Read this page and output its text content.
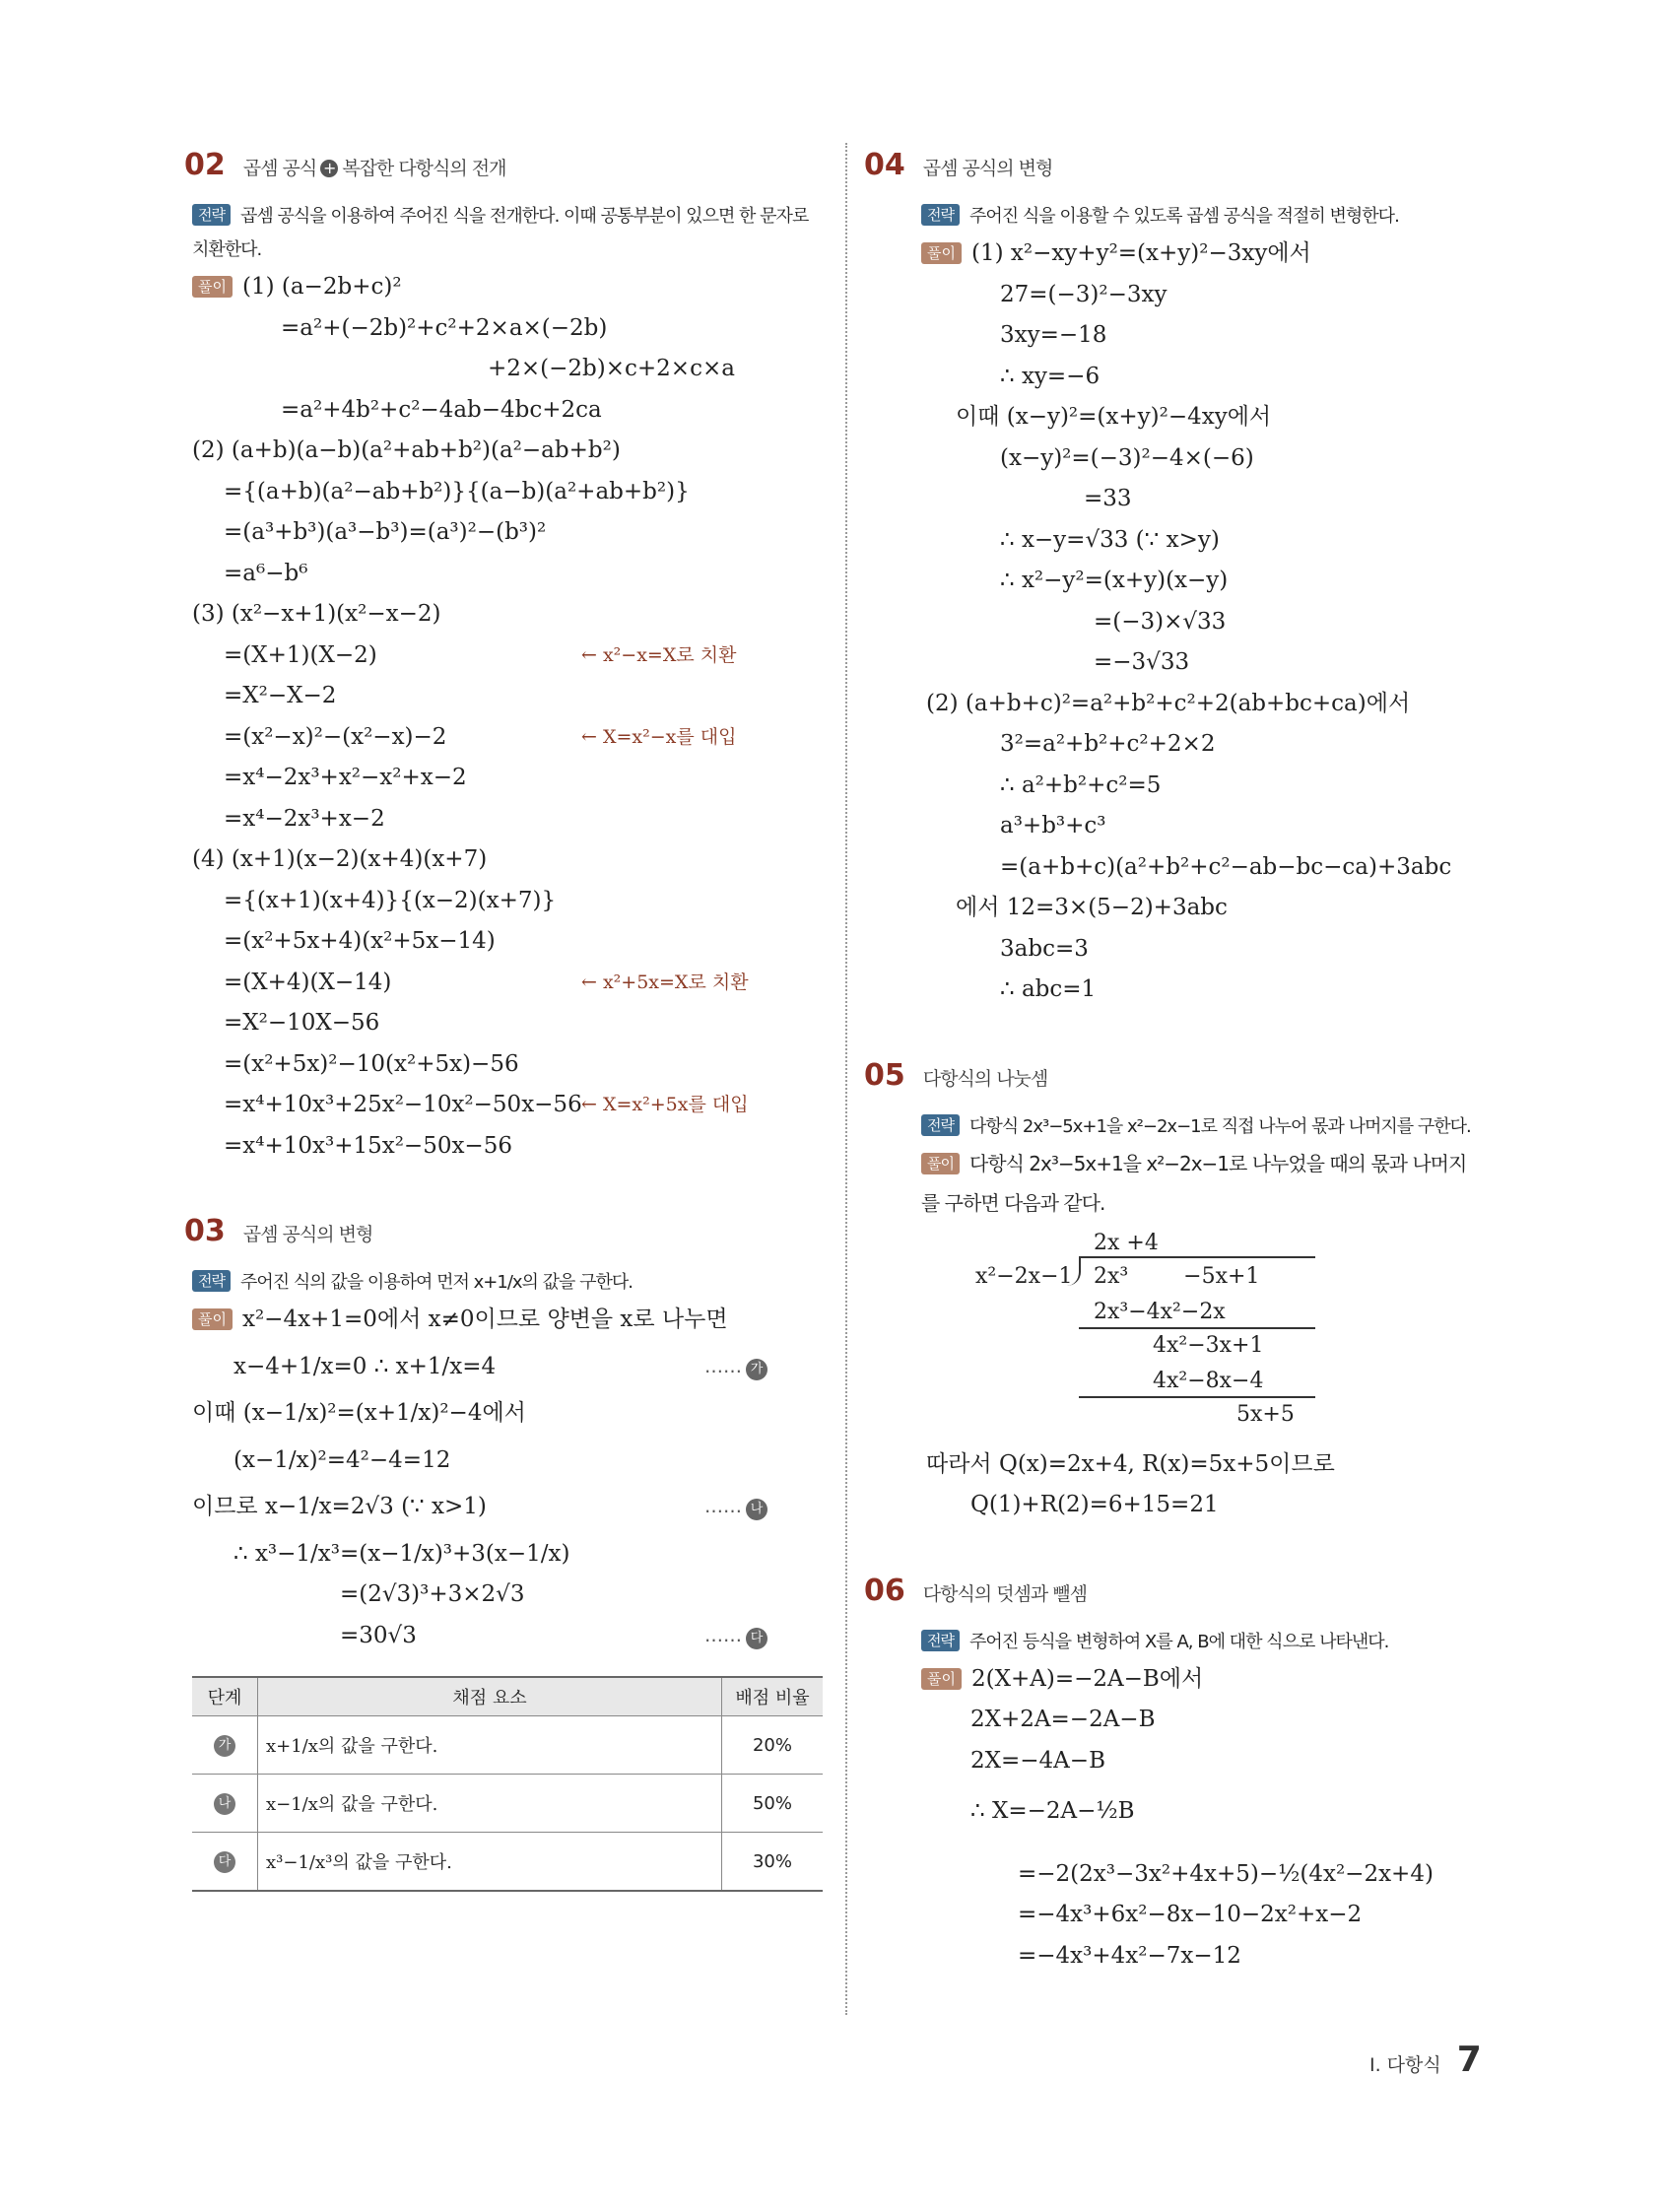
02 곱셈 공식 + 복잡한 다항식의 전개
전략 곱셈 공식을 이용하여 주어진 식을 전개한다. 이때 공통부분이 있으면 한 문자로 치환한다.
풀이 (1) (a−2b+c)²
=a²+(−2b)²+c²+2×a×(−2b)
+2×(−2b)×c+2×c×a
=a²+4b²+c²−4ab−4bc+2ca
(2) (a+b)(a−b)(a²+ab+b²)(a²−ab+b²)
={(a+b)(a²−ab+b²)}{(a−b)(a²+ab+b²)}
=(a³+b³)(a³−b³)=(a³)²−(b³)²
=a⁶−b⁶
(3) (x²−x+1)(x²−x−2)
=(X+1)(X−2)	← x²−x=X로 치환
=X²−X−2
=(x²−x)²−(x²−x)−2	← X=x²−x를 대입
=x⁴−2x³+x²−x²+x−2
=x⁴−2x³+x−2
(4) (x+1)(x−2)(x+4)(x+7)
={(x+1)(x+4)}{(x−2)(x+7)}
=(x²+5x+4)(x²+5x−14)
=(X+4)(X−14)	← x²+5x=X로 치환
=X²−10X−56
=(x²+5x)²−10(x²+5x)−56
=x⁴+10x³+25x²−10x²−50x−56 ← X=x²+5x를 대입
=x⁴+10x³+15x²−50x−56
03 곱셈 공식의 변형
전략 주어진 식의 값을 이용하여 먼저 x+1/x의 값을 구한다.
풀이 x²−4x+1=0에서 x≠0이므로 양변을 x로 나누면
x−4+1/x=0 ∴ x+1/x=4	…… 가
이때 (x−1/x)²=(x+1/x)²−4에서
(x−1/x)²=4²−4=12
이므로 x−1/x=2√3 (∵ x>1)	…… 나
∴ x³−1/x³=(x−1/x)³+3(x−1/x)
=(2√3)³+3×2√3
=30√3	…… 다
단계	채점 요소	배점 비율
가	x+1/x의 값을 구한다.	20%
나	x−1/x의 값을 구한다.	50%
다	x³−1/x³의 값을 구한다.	30%
04 곱셈 공식의 변형
전략 주어진 식을 이용할 수 있도록 곱셈 공식을 적절히 변형한다.
풀이 (1) x²−xy+y²=(x+y)²−3xy에서
27=(−3)²−3xy
3xy=−18
∴ xy=−6
이때 (x−y)²=(x+y)²−4xy에서
(x−y)²=(−3)²−4×(−6)
=33
∴ x−y=√33 (∵ x>y)
∴ x²−y²=(x+y)(x−y)
=(−3)×√33
=−3√33
(2) (a+b+c)²=a²+b²+c²+2(ab+bc+ca)에서
3²=a²+b²+c²+2×2
∴ a²+b²+c²=5
a³+b³+c³
=(a+b+c)(a²+b²+c²−ab−bc−ca)+3abc
에서 12=3×(5−2)+3abc
3abc=3
∴ abc=1
05 다항식의 나눗셈
전략 다항식 2x³−5x+1을 x²−2x−1로 직접 나누어 몫과 나머지를 구한다.
풀이 다항식 2x³−5x+1을 x²−2x−1로 나누었을 때의 몫과 나머지를 구하면 다음과 같다.
2x +4
x²−2x−1 2x³        −5x+1
2x³−4x²−2x
4x²−3x+1
4x²−8x−4
5x+5
따라서 Q(x)=2x+4, R(x)=5x+5이므로
Q(1)+R(2)=6+15=21
06 다항식의 덧셈과 뺄셈
전략 주어진 등식을 변형하여 X를 A, B에 대한 식으로 나타낸다.
풀이 2(X+A)=−2A−B에서
2X+2A=−2A−B
2X=−4A−B
∴ X=−2A−½B
=−2(2x³−3x²+4x+5)−½(4x²−2x+4)
=−4x³+6x²−8x−10−2x²+x−2
=−4x³+4x²−7x−12
Ⅰ. 다항식 7
